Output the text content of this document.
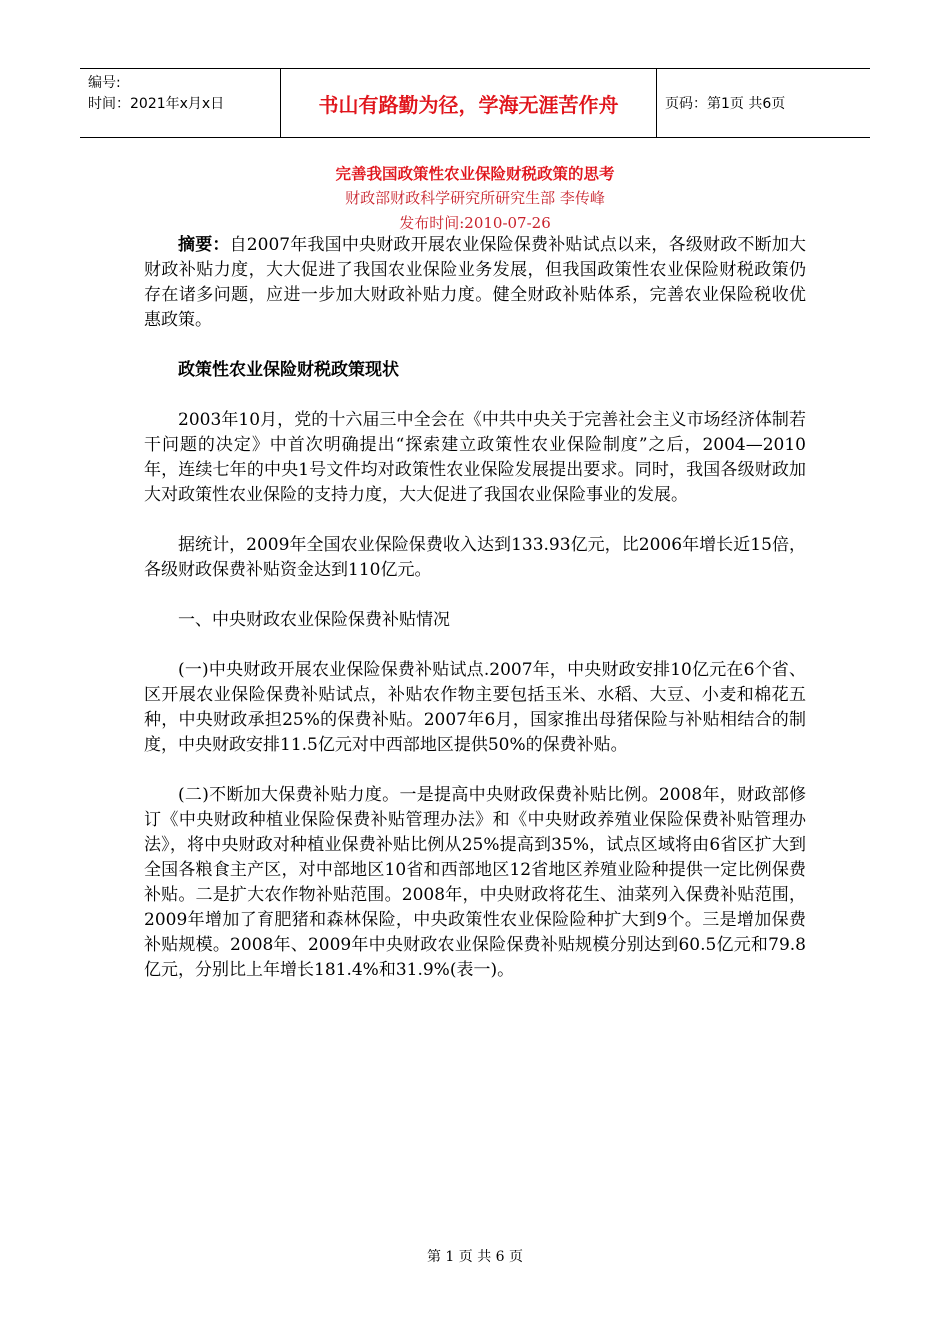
编号:
时间：2021年x月x日	书山有路勤为径，学海无涯苦作舟	页码：第1页 共6页
完善我国政策性农业保险财税政策的思考
财政部财政科学研究所研究生部 李传峰
发布时间:2010-07-26

摘要：自2007年我国中央财政开展农业保险保费补贴试点以来，各级财政不断加大财政补贴力度，大大促进了我国农业保险业务发展，但我国政策性农业保险财税政策仍存在诸多问题，应进一步加大财政补贴力度。健全财政补贴体系，完善农业保险税收优惠政策。

政策性农业保险财税政策现状

2003年10月，党的十六届三中全会在《中共中央关于完善社会主义市场经济体制若干问题的决定》中首次明确提出“探索建立政策性农业保险制度”之后，2004—2010年，连续七年的中央1号文件均对政策性农业保险发展提出要求。同时，我国各级财政加大对政策性农业保险的支持力度，大大促进了我国农业保险事业的发展。

据统计，2009年全国农业保险保费收入达到133.93亿元，比2006年增长近15倍，各级财政保费补贴资金达到110亿元。

一、中央财政农业保险保费补贴情况

(一)中央财政开展农业保险保费补贴试点.2007年，中央财政安排10亿元在6个省、区开展农业保险保费补贴试点，补贴农作物主要包括玉米、水稻、大豆、小麦和棉花五种，中央财政承担25%的保费补贴。2007年6月，国家推出母猪保险与补贴相结合的制度，中央财政安排11.5亿元对中西部地区提供50%的保费补贴。

(二)不断加大保费补贴力度。一是提高中央财政保费补贴比例。2008年，财政部修订《中央财政种植业保险保费补贴管理办法》和《中央财政养殖业保险保费补贴管理办法》，将中央财政对种植业保费补贴比例从25%提高到35%，试点区域将由6省区扩大到全国各粮食主产区，对中部地区10省和西部地区12省地区养殖业险种提供一定比例保费补贴。二是扩大农作物补贴范围。2008年，中央财政将花生、油菜列入保费补贴范围，2009年增加了育肥猪和森林保险，中央政策性农业保险险种扩大到9个。三是增加保费补贴规模。2008年、2009年中央财政农业保险保费补贴规模分别达到60.5亿元和79.8亿元，分别比上年增长181.4%和31.9%(表一)。

第 1 页 共 6 页
